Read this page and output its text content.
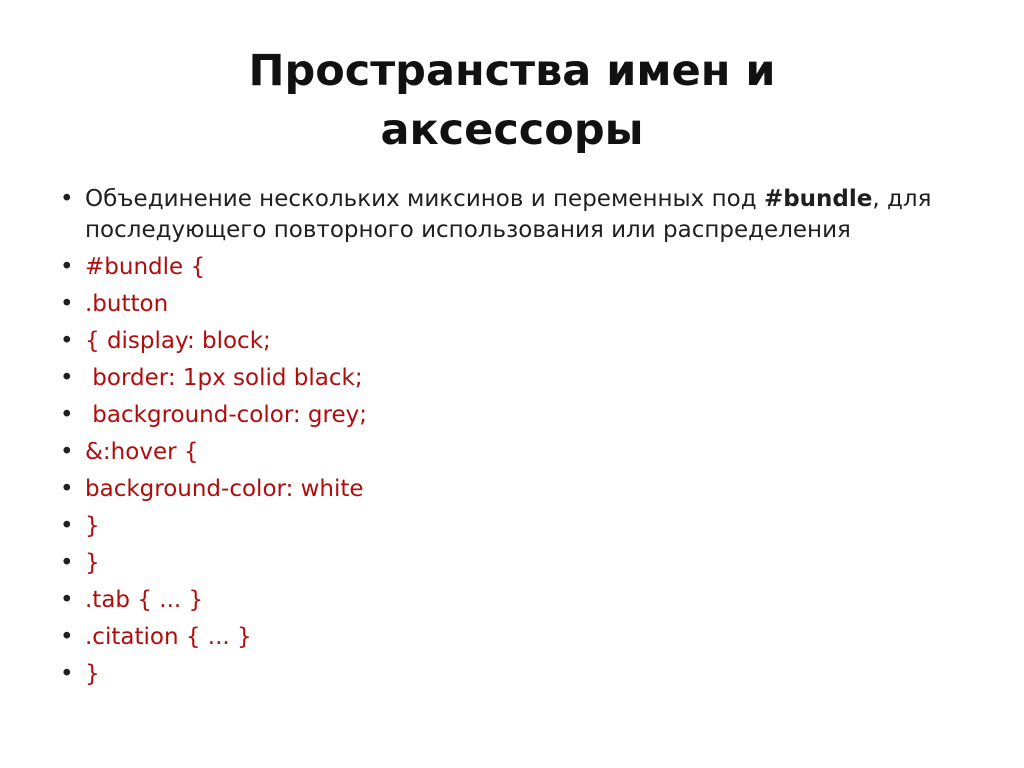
Пространства имен и аксессоры
• Объединение нескольких миксинов и переменных под #bundle, для последующего повторного использования или распределения
• #bundle {
• .button
• { display: block;
• border: 1px solid black;
• background-color: grey;
• &:hover {
• background-color: white
• }
• }
• .tab { ... }
• .citation { ... }
• }
